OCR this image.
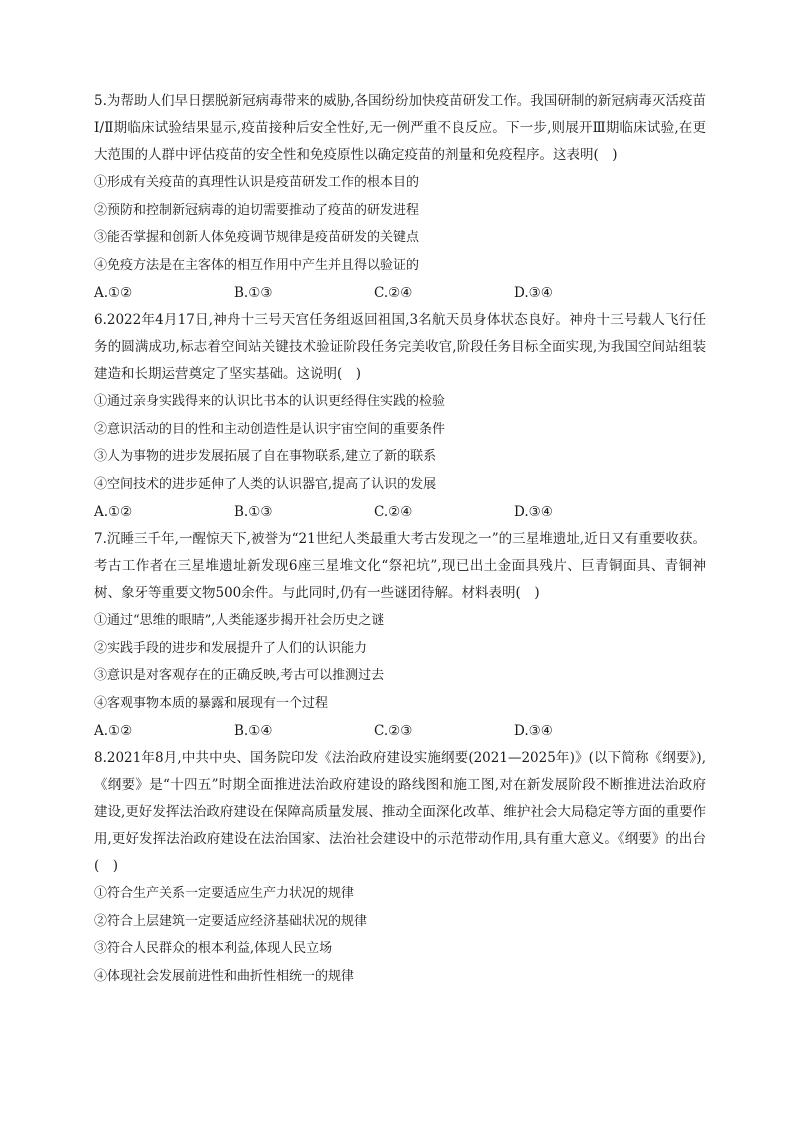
5.为帮助人们早日摆脱新冠病毒带来的威胁,各国纷纷加快疫苗研发工作。我国研制的新冠病毒灭活疫苗Ⅰ/Ⅱ期临床试验结果显示,疫苗接种后安全性好,无一例严重不良反应。下一步,则展开Ⅲ期临床试验,在更大范围的人群中评估疫苗的安全性和免疫原性以确定疫苗的剂量和免疫程序。这表明(　)

①形成有关疫苗的真理性认识是疫苗研发工作的根本目的

②预防和控制新冠病毒的迫切需要推动了疫苗的研发进程

③能否掌握和创新人体免疫调节规律是疫苗研发的关键点

④免疫方法是在主客体的相互作用中产生并且得以验证的

A.①②	B.①③	C.②④	D.③④

6.2022年4月17日,神舟十三号天宫任务组返回祖国,3名航天员身体状态良好。神舟十三号载人飞行任务的圆满成功,标志着空间站关键技术验证阶段任务完美收官,阶段任务目标全面实现,为我国空间站组装建造和长期运营奠定了坚实基础。这说明(　)

①通过亲身实践得来的认识比书本的认识更经得住实践的检验

②意识活动的目的性和主动创造性是认识宇宙空间的重要条件

③人为事物的进步发展拓展了自在事物联系,建立了新的联系

④空间技术的进步延伸了人类的认识器官,提高了认识的发展

A.①②	B.①③	C.②④	D.③④

7.沉睡三千年,一醒惊天下,被誉为“21世纪人类最重大考古发现之一”的三星堆遗址,近日又有重要收获。考古工作者在三星堆遗址新发现6座三星堆文化“祭祀坑”,现已出土金面具残片、巨青铜面具、青铜神树、象牙等重要文物500余件。与此同时,仍有一些谜团待解。材料表明(　)

①通过“思维的眼睛”,人类能逐步揭开社会历史之谜

②实践手段的进步和发展提升了人们的认识能力

③意识是对客观存在的正确反映,考古可以推测过去

④客观事物本质的暴露和展现有一个过程

A.①②	B.①④	C.②③	D.③④

8.2021年8月,中共中央、国务院印发《法治政府建设实施纲要(2021—2025年)》(以下简称《纲要》),《纲要》是“十四五”时期全面推进法治政府建设的路线图和施工图,对在新发展阶段不断推进法治政府建设,更好发挥法治政府建设在保障高质量发展、推动全面深化改革、维护社会大局稳定等方面的重要作用,更好发挥法治政府建设在法治国家、法治社会建设中的示范带动作用,具有重大意义。《纲要》的出台(　)

①符合生产关系一定要适应生产力状况的规律

②符合上层建筑一定要适应经济基础状况的规律

③符合人民群众的根本利益,体现人民立场

④体现社会发展前进性和曲折性相统一的规律
